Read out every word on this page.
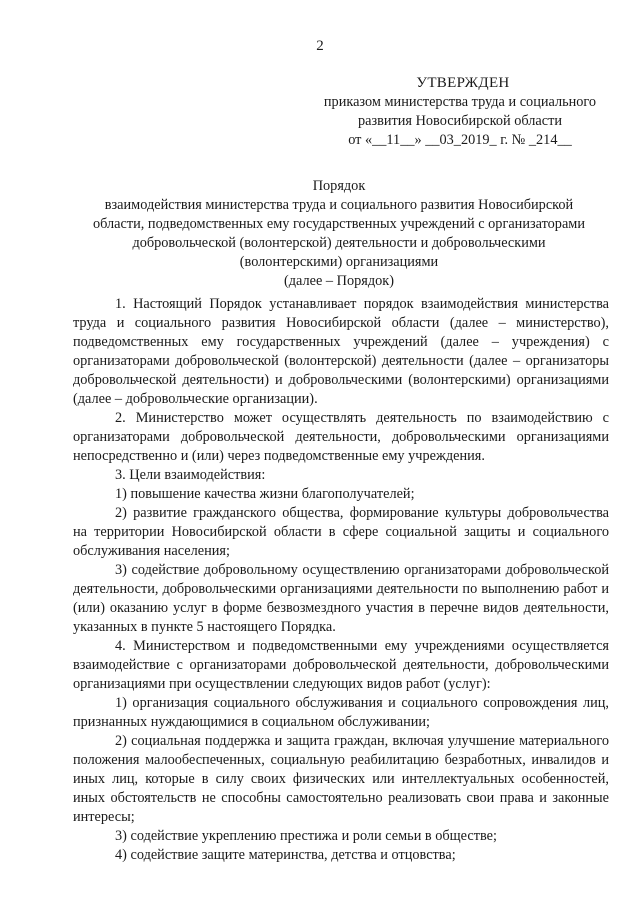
2
УТВЕРЖДЕН
приказом министерства труда и социального
развития Новосибирской области
от «__11__» __03_2019_ г. № _214__
Порядок
взаимодействия министерства труда и социального развития Новосибирской
области, подведомственных ему государственных учреждений с организаторами
добровольческой (волонтерской) деятельности и добровольческими
(волонтерскими) организациями
(далее – Порядок)

1. Настоящий Порядок устанавливает порядок взаимодействия министерства труда и социального развития Новосибирской области (далее – министерство), подведомственных ему государственных учреждений (далее – учреждения) с организаторами добровольческой (волонтерской) деятельности (далее – организаторы добровольческой деятельности) и добровольческими (волонтерскими) организациями (далее – добровольческие организации).

2. Министерство может осуществлять деятельность по взаимодействию с организаторами добровольческой деятельности, добровольческими организациями непосредственно и (или) через подведомственные ему учреждения.

3. Цели взаимодействия:

1) повышение качества жизни благополучателей;

2) развитие гражданского общества, формирование культуры добровольчества на территории Новосибирской области в сфере социальной защиты и социального обслуживания населения;

3) содействие добровольному осуществлению организаторами добровольческой деятельности, добровольческими организациями деятельности по выполнению работ и (или) оказанию услуг в форме безвозмездного участия в перечне видов деятельности, указанных в пункте 5 настоящего Порядка.

4. Министерством и подведомственными ему учреждениями осуществляется взаимодействие с организаторами добровольческой деятельности, добровольческими организациями при осуществлении следующих видов работ (услуг):

1) организация социального обслуживания и социального сопровождения лиц, признанных нуждающимися в социальном обслуживании;

2) социальная поддержка и защита граждан, включая улучшение материального положения малообеспеченных, социальную реабилитацию безработных, инвалидов и иных лиц, которые в силу своих физических или интеллектуальных особенностей, иных обстоятельств не способны самостоятельно реализовать свои права и законные интересы;

3) содействие укреплению престижа и роли семьи в обществе;

4) содействие защите материнства, детства и отцовства;
